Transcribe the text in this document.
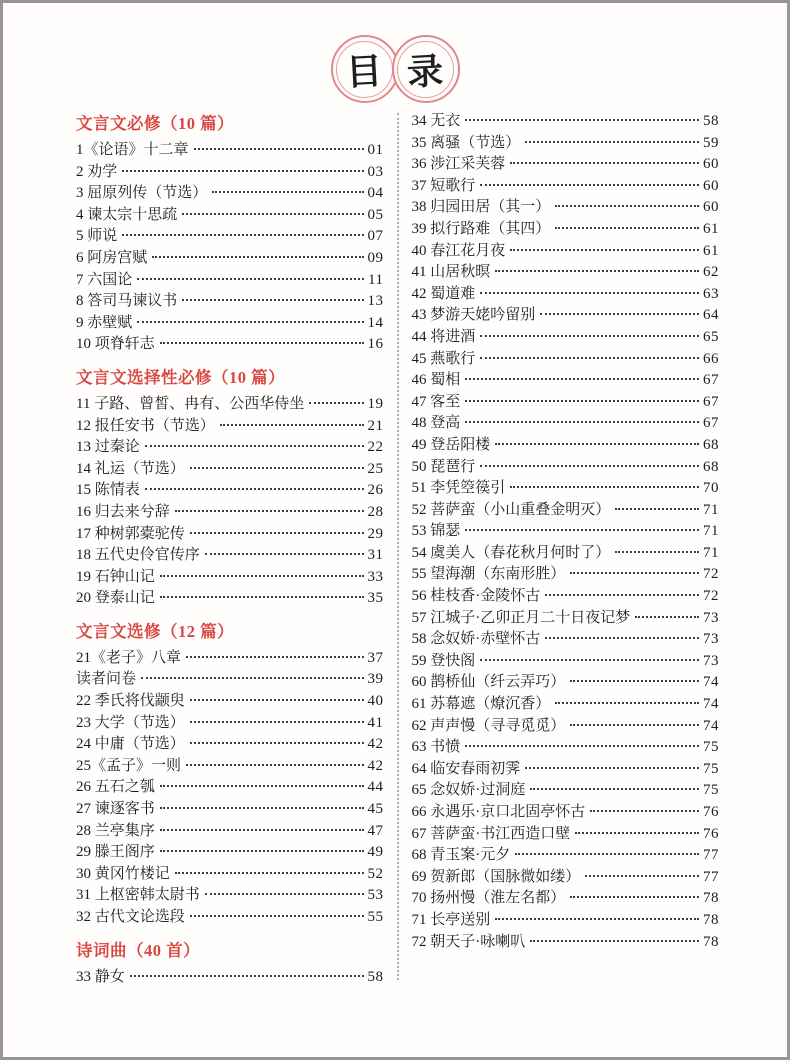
目 录
文言文必修（10 篇）
1《论语》十二章	01
2 劝学	03
3 屈原列传（节选）	04
4 谏太宗十思疏	05
5 师说	07
6 阿房宫赋	09
7 六国论	11
8 答司马谏议书	13
9 赤壁赋	14
10 项脊轩志	16
文言文选择性必修（10 篇）
11 子路、曾皙、冉有、公西华侍坐	19
12 报任安书（节选）	21
13 过秦论	22
14 礼运（节选）	25
15 陈情表	26
16 归去来兮辞	28
17 种树郭橐驼传	29
18 五代史伶官传序	31
19 石钟山记	33
20 登泰山记	35
文言文选修（12 篇）
21《老子》八章	37
读者问卷	39
22 季氏将伐颛臾	40
23 大学（节选）	41
24 中庸（节选）	42
25《孟子》一则	42
26 五石之瓠	44
27 谏逐客书	45
28 兰亭集序	47
29 滕王阁序	49
30 黄冈竹楼记	52
31 上枢密韩太尉书	53
32 古代文论选段	55
诗词曲（40 首）
33 静女	58
34 无衣	58
35 离骚（节选）	59
36 涉江采芙蓉	60
37 短歌行	60
38 归园田居（其一）	60
39 拟行路难（其四）	61
40 春江花月夜	61
41 山居秋暝	62
42 蜀道难	63
43 梦游天姥吟留别	64
44 将进酒	65
45 燕歌行	66
46 蜀相	67
47 客至	67
48 登高	67
49 登岳阳楼	68
50 琵琶行	68
51 李凭箜篌引	70
52 菩萨蛮（小山重叠金明灭）	71
53 锦瑟	71
54 虞美人（春花秋月何时了）	71
55 望海潮（东南形胜）	72
56 桂枝香·金陵怀古	72
57 江城子·乙卯正月二十日夜记梦	73
58 念奴娇·赤壁怀古	73
59 登快阁	73
60 鹊桥仙（纤云弄巧）	74
61 苏幕遮（燎沉香）	74
62 声声慢（寻寻觅觅）	74
63 书愤	75
64 临安春雨初霁	75
65 念奴娇·过洞庭	75
66 永遇乐·京口北固亭怀古	76
67 菩萨蛮·书江西造口壁	76
68 青玉案·元夕	77
69 贺新郎（国脉微如缕）	77
70 扬州慢（淮左名都）	78
71 长亭送别	78
72 朝天子·咏喇叭	78
